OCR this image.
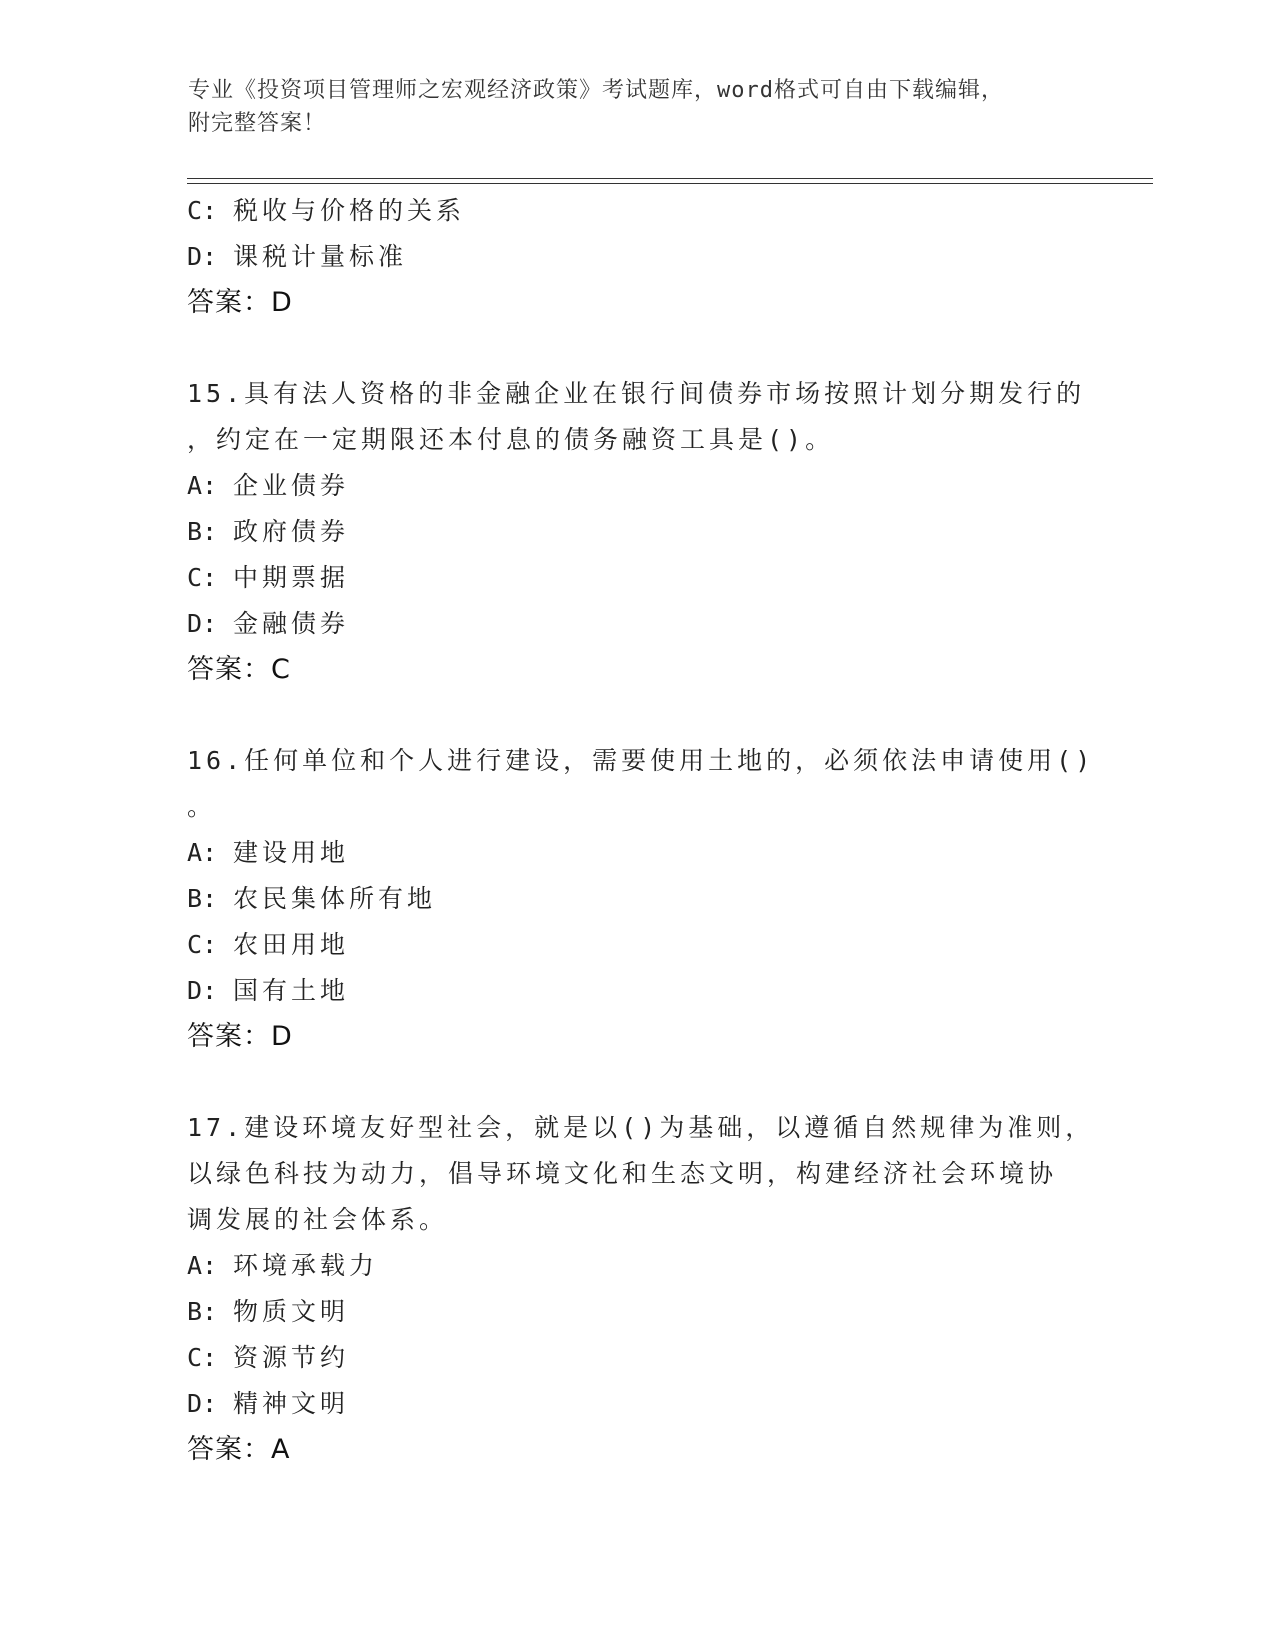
专业《投资项目管理师之宏观经济政策》考试题库，word格式可自由下载编辑，
附完整答案！
C: 税收与价格的关系
D: 课税计量标准
答案：D
15.具有法人资格的非金融企业在银行间债券市场按照计划分期发行的
，约定在一定期限还本付息的债务融资工具是()。
A: 企业债券
B: 政府债券
C: 中期票据
D: 金融债券
答案：C
16.任何单位和个人进行建设，需要使用土地的，必须依法申请使用()
。
A: 建设用地
B: 农民集体所有地
C: 农田用地
D: 国有土地
答案：D
17.建设环境友好型社会，就是以()为基础，以遵循自然规律为准则，
以绿色科技为动力，倡导环境文化和生态文明，构建经济社会环境协
调发展的社会体系。
A: 环境承载力
B: 物质文明
C: 资源节约
D: 精神文明
答案：A
